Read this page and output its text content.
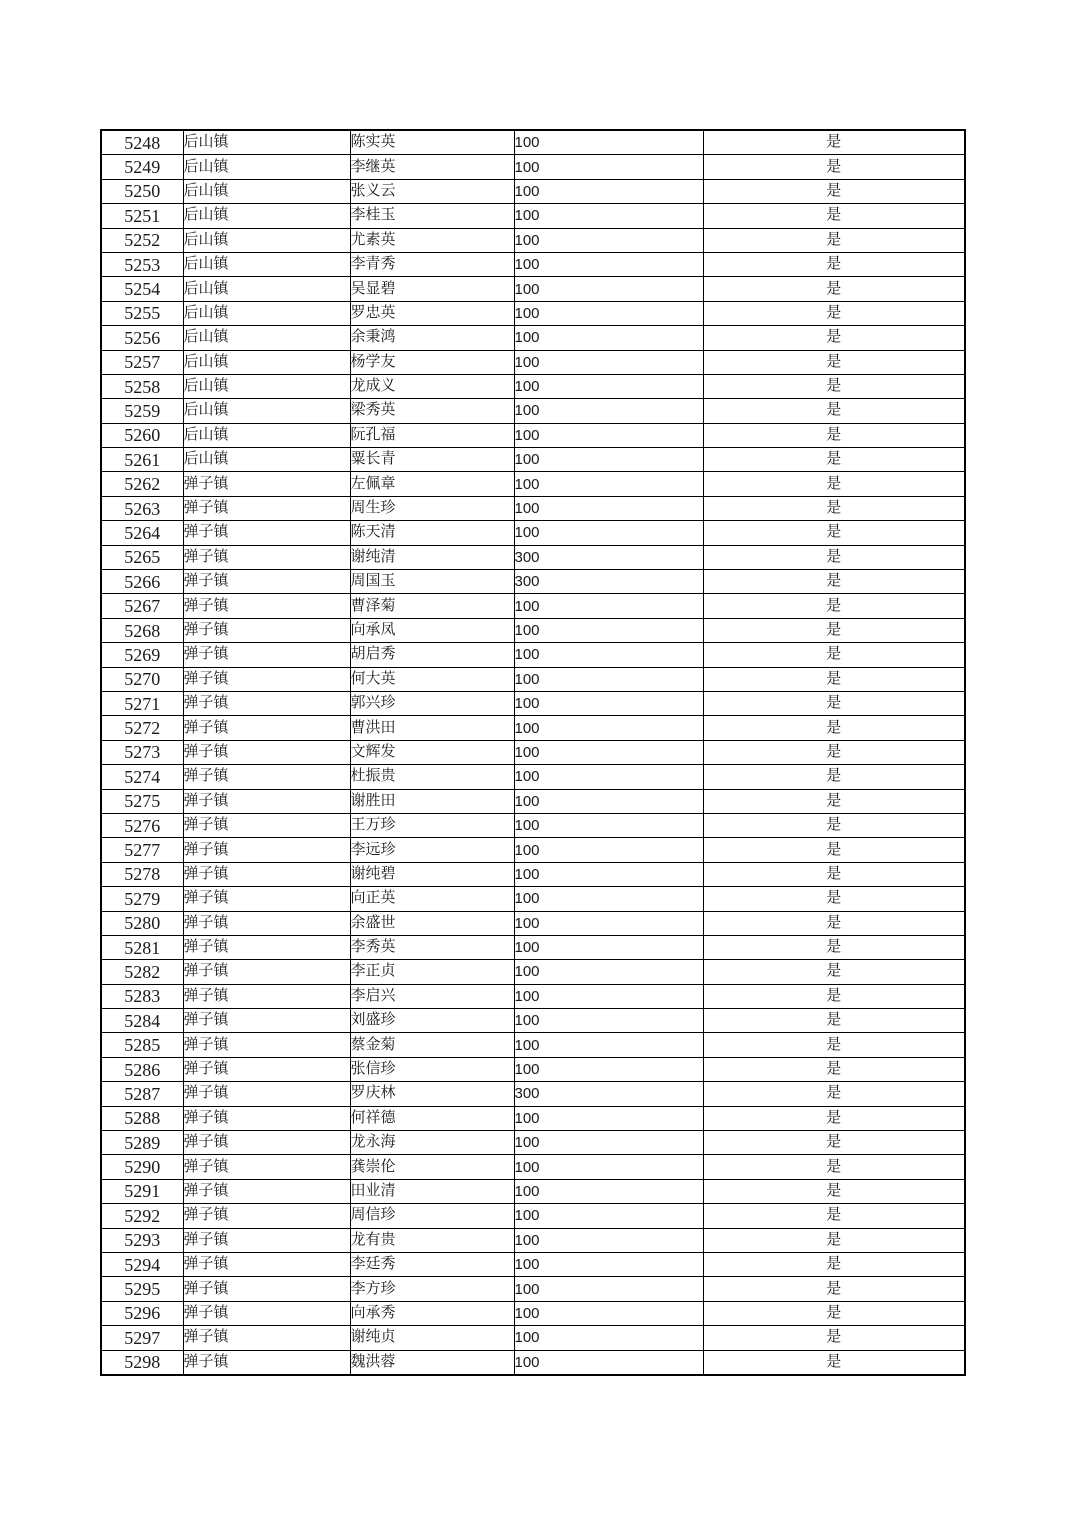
5248	后山镇	陈实英	100	是
5249	后山镇	李继英	100	是
5250	后山镇	张义云	100	是
5251	后山镇	李桂玉	100	是
5252	后山镇	尤素英	100	是
5253	后山镇	李青秀	100	是
5254	后山镇	吴显碧	100	是
5255	后山镇	罗忠英	100	是
5256	后山镇	余秉鸿	100	是
5257	后山镇	杨学友	100	是
5258	后山镇	龙成义	100	是
5259	后山镇	梁秀英	100	是
5260	后山镇	阮孔福	100	是
5261	后山镇	粟长青	100	是
5262	弹子镇	左佩章	100	是
5263	弹子镇	周生珍	100	是
5264	弹子镇	陈天清	100	是
5265	弹子镇	谢纯清	300	是
5266	弹子镇	周国玉	300	是
5267	弹子镇	曹泽菊	100	是
5268	弹子镇	向承凤	100	是
5269	弹子镇	胡启秀	100	是
5270	弹子镇	何大英	100	是
5271	弹子镇	郭兴珍	100	是
5272	弹子镇	曹洪田	100	是
5273	弹子镇	文辉发	100	是
5274	弹子镇	杜振贵	100	是
5275	弹子镇	谢胜田	100	是
5276	弹子镇	王万珍	100	是
5277	弹子镇	李远珍	100	是
5278	弹子镇	谢纯碧	100	是
5279	弹子镇	向正英	100	是
5280	弹子镇	余盛世	100	是
5281	弹子镇	李秀英	100	是
5282	弹子镇	李正贞	100	是
5283	弹子镇	李启兴	100	是
5284	弹子镇	刘盛珍	100	是
5285	弹子镇	蔡金菊	100	是
5286	弹子镇	张信珍	100	是
5287	弹子镇	罗庆林	300	是
5288	弹子镇	何祥德	100	是
5289	弹子镇	龙永海	100	是
5290	弹子镇	龚崇伦	100	是
5291	弹子镇	田业清	100	是
5292	弹子镇	周信珍	100	是
5293	弹子镇	龙有贵	100	是
5294	弹子镇	李廷秀	100	是
5295	弹子镇	李方珍	100	是
5296	弹子镇	向承秀	100	是
5297	弹子镇	谢纯贞	100	是
5298	弹子镇	魏洪蓉	100	是
